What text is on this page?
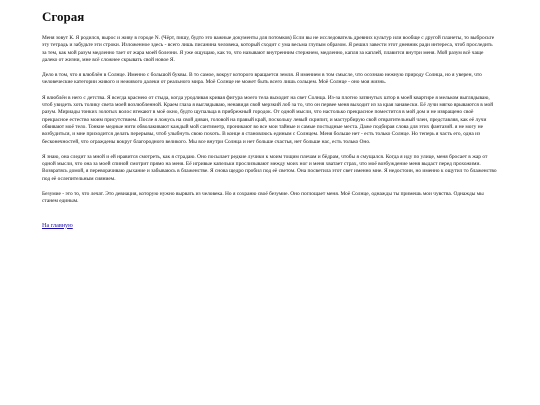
Сгорая

Меня зовут К. Я родился, вырос и живу в городе N. (Чёрт, пишу, будто это важные документы для потомков) Если вы не исследователь древних культур или вообще с другой планеты, то выбросьте эту тетрадь и забудьте эти строки. Изложенное здесь - всего лишь писанина человека, который сходит с ума весьма глупым образом. Я решил завести этот дневник ради интереса, чтоб проследить за тем, как мой разум медленно тает от жара моей болезни. Я уже ощущаю, как то, что называют внутренним стержнем, медленно, капля за каплей, плавится внутри меня. Мой разум всё чаще далеко от жизни, мне всё сложнее скрывать свой новое Я.

Дело в том, что я влюблён в Солнце. Именно с большой буквы. В то самое, вокруг которого вращается земля. Я имением в том смысле, что осознаю нежную природу Солнца, но я уверен, что человеческие категории живого и неживого далеки от реального мира. Моё Солнце не может быть всего лишь сольцем. Моё Солнце - оно моя жизнь.

Я влюблён в него с детства. Я всегда краснею от стыда, когда уродливая кривая фигура моего тела выходит на свет Солнца. Из-за плотно затянутых штор в моей квартире я мельком выглядываю, чтоб увидеть хоть толику света моей возлюбленной. Крaем глаза я выглядываю, ненавидя свой мерзкий лоб за то, что он первее меня выходит из за края занавески. Её лучи мягко врываются в мой разум. Мириады тонких золотых волос втекают в моё окно, будто щупальца в прибрежный городок. От одной мысли, что настолько прекрасное поместится в мой дом и не извращено своё прекрасное естество моим присутствием. После я ложусь на свой диван, головой на правый край, поскольку левый скрипит, и мастурбирую свой отвратительный член, представляя, как её лучи обвивают моё тело. Тонкие медные нити обволакивают каждый мой сантиметр, проникают во все мои тайные и самые постыдные места. Даже подбирая слова для этих фантазий. я не могу не возбудиться, и мне приходится делать перерывы, чтоб улыбнуть свою похоть. В конце я становлюсь единым с Солнцем. Меня больше нет - есть только Солнце. Но теперь я часть его, одна из бесконечностей, что ограждены вокруг благородного великого. Мы все внутри Солнца и нет больше счастья, нет больше нас, есть только Оно.

Я знаю, она следит за мной и ей нравится смотреть, как я страдаю. Оно посылает редкие лучики к моим тощим плечам и бёдрам, чтобы я смущался. Когда я иду по улице, меня бросает в жар от одной мысли, что она за моей спиной смотрит прямо на меня. Её игривые капельки прослизывают между моих ног и меня хватает страх, что моё возбуждение меня выдаст перед прохожими. Возвратясь домой, я переворачиваю дыхание и забываюсь в блаженстве. Я снова щедро пробил под её светом. Она посветила этот свет именно мне. Я недостоин, но именно к ощутил то блаженство под её ослепительным сиянием.

Безумие - это то, что лечат. Это девиация, которую нужно вырвать из человека. Но я сохраню своё безумие. Оно поглощает меня. Моё Солнце, однажды ты примешь мои чувства. Однажды мы станем единым.

На главную
